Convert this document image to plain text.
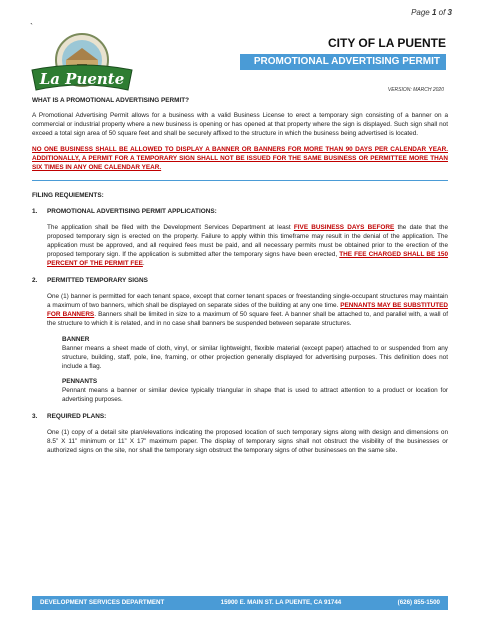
Page 1 of 3
`
La Puente
CITY OF LA PUENTE
PROMOTIONAL ADVERTISING PERMIT
VERSION: MARCH 2020

WHAT IS A PROMOTIONAL ADVERTISING PERMIT?

A Promotional Advertising Permit allows for a business with a valid Business License to erect a temporary sign consisting of a banner on a commercial or industrial property where a new business is opening or has opened at that property where the sign is displayed. Such sign shall not exceed a total sign area of 50 square feet and shall be securely affixed to the structure in which the business being advertised is located.

NO ONE BUSINESS SHALL BE ALLOWED TO DISPLAY A BANNER OR BANNERS FOR MORE THAN 90 DAYS PER CALENDAR YEAR. ADDITIONALLY, A PERMIT FOR A TEMPORARY SIGN SHALL NOT BE ISSUED FOR THE SAME BUSINESS OR PERMITTEE MORE THAN SIX TIMES IN ANY ONE CALENDAR YEAR.

FILING REQUIEMENTS:

1.	PROMOTIONAL ADVERTISING PERMIT APPLICATIONS:

The application shall be filed with the Development Services Department at least FIVE BUSINESS DAYS BEFORE the date that the proposed temporary sign is erected on the property. Failure to apply within this timeframe may result in the denial of the application. The application must be approved, and all required fees must be paid, and all necessary permits must be obtained prior to the erection of the proposed temporary sign. If the application is submitted after the temporary signs have been erected, THE FEE CHARGED SHALL BE 150 PERCENT OF THE PERMIT FEE.

2.	PERMITTED TEMPORARY SIGNS

One (1) banner is permitted for each tenant space, except that corner tenant spaces or freestanding single-occupant structures may maintain a maximum of two banners, which shall be displayed on separate sides of the building at any one time. PENNANTS MAY BE SUBSTITUTED FOR BANNERS. Banners shall be limited in size to a maximum of 50 square feet. A banner shall be attached to, and parallel with, a wall of the structure to which it is related, and in no case shall banners be suspended between separate structures.

BANNER

Banner means a sheet made of cloth, vinyl, or similar lightweight, flexible material (except paper) attached to or suspended from any structure, building, staff, pole, line, framing, or other projection generally displayed for advertising purposes. This definition does not include a flag.

PENNANTS

Pennant means a banner or similar device typically triangular in shape that is used to attract attention to a product or location for advertising purposes.

3.	REQUIRED PLANS:

One (1) copy of a detail site plan/elevations indicating the proposed location of such temporary signs along with design and dimensions on 8.5” X 11” minimum or 11” X 17” maximum paper. The display of temporary signs shall not obstruct the visibility of the businesses or authorized signs on the site, nor shall the temporary sign obstruct the temporary signs of other businesses on the same site.

DEVELOPMENT SERVICES DEPARTMENT	15900 E. MAIN ST. LA PUENTE, CA 91744	(626) 855-1500
